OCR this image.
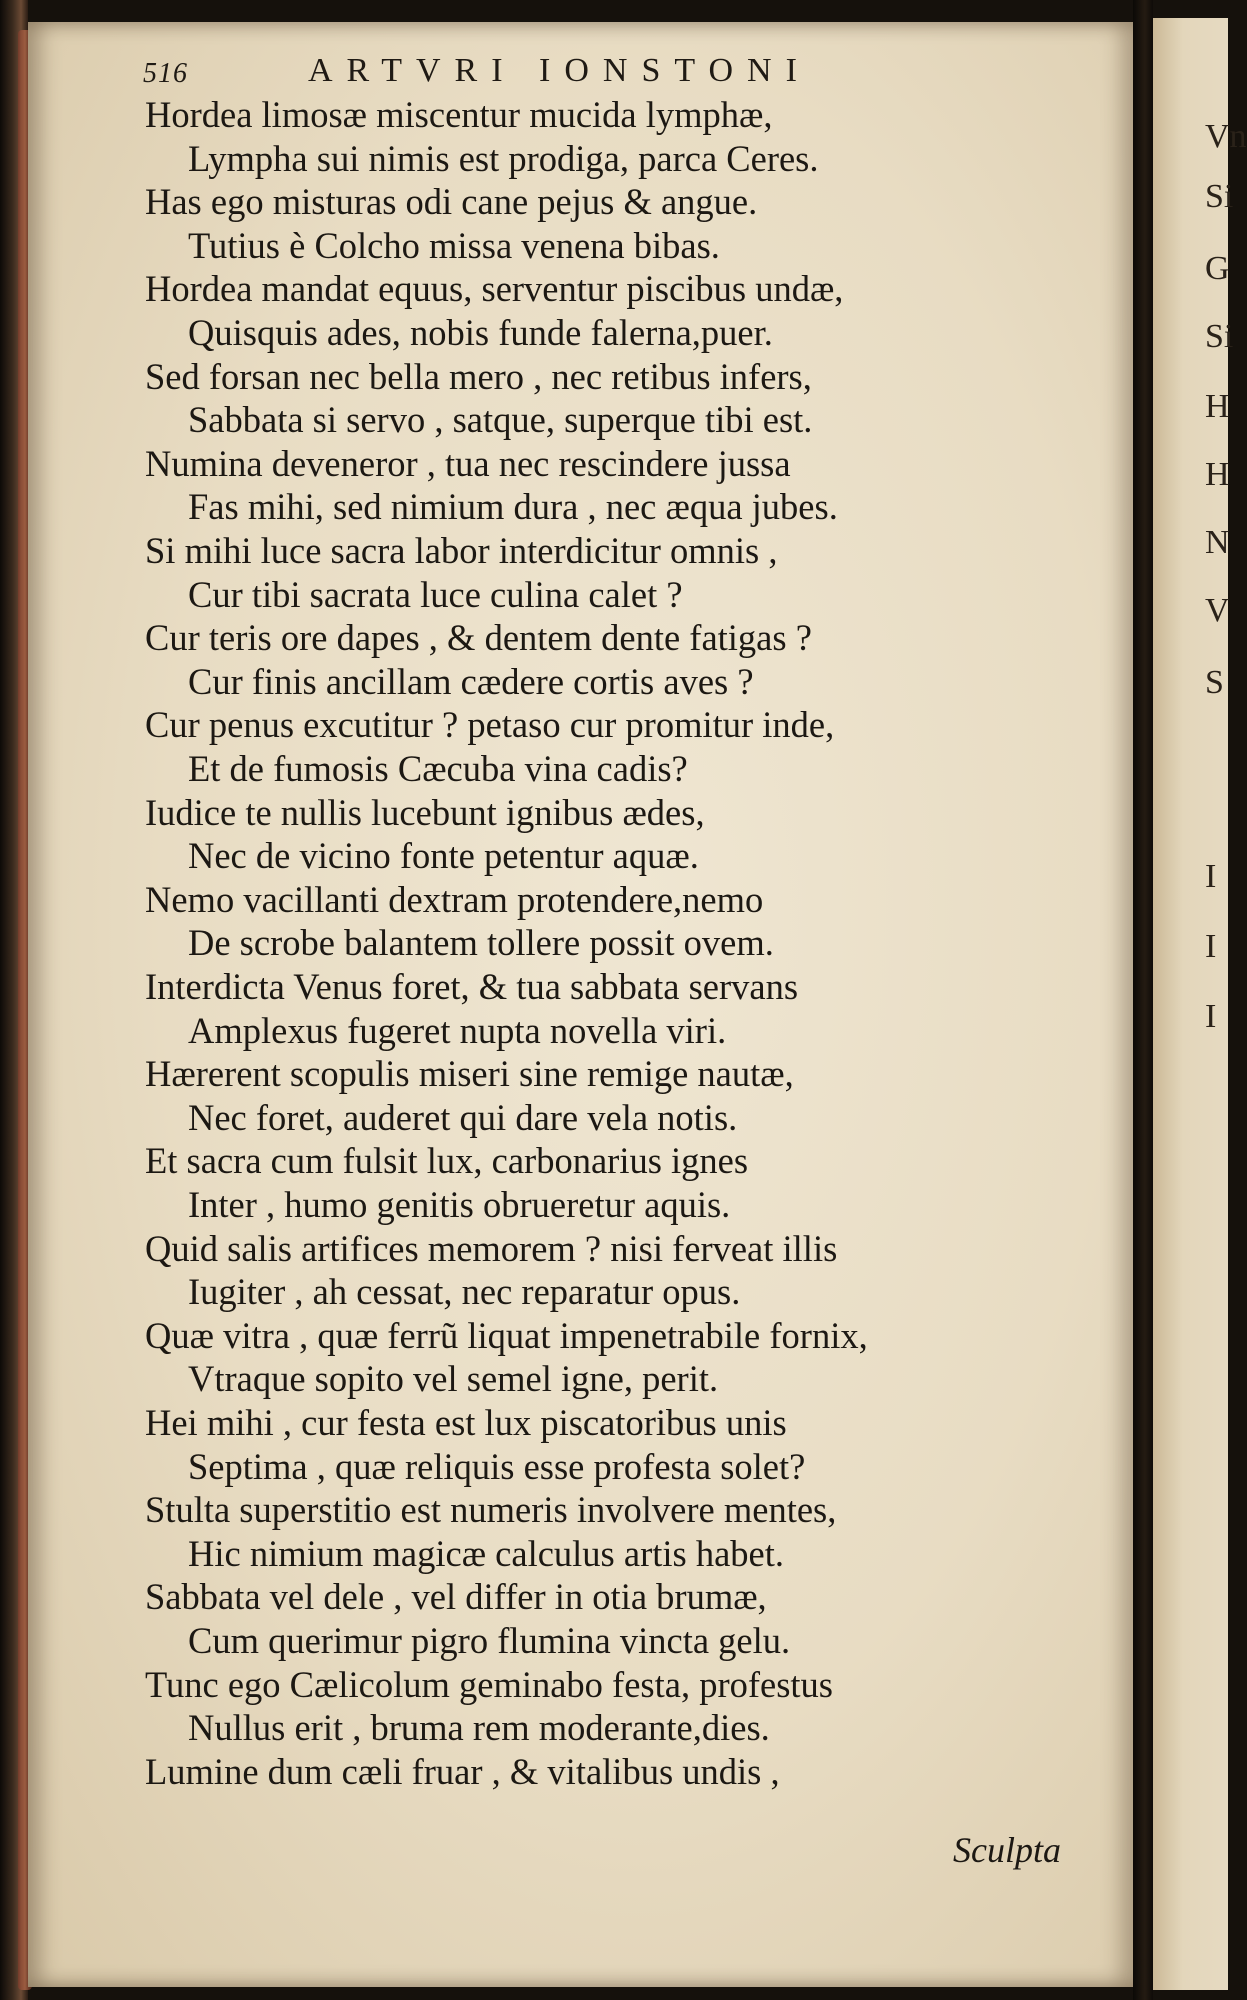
516	ARTVRI IONSTONI
Hordea limosæ miscentur mucida lymphæ,
Lympha sui nimis est prodiga, parca Ceres.
Has ego misturas odi cane pejus & angue.
Tutius è Colcho missa venena bibas.
Hordea mandat equus, serventur piscibus undæ,
Quisquis ades, nobis funde falerna,puer.
Sed forsan nec bella mero , nec retibus infers,
Sabbata si servo , satque, superque tibi est.
Numina deveneror , tua nec rescindere jussa
Fas mihi, sed nimium dura , nec æqua jubes.
Si mihi luce sacra labor interdicitur omnis ,
Cur tibi sacrata luce culina calet ?
Cur teris ore dapes , & dentem dente fatigas ?
Cur finis ancillam cædere cortis aves ?
Cur penus excutitur ? petaso cur promitur inde,
Et de fumosis Cæcuba vina cadis?
Iudice te nullis lucebunt ignibus ædes,
Nec de vicino fonte petentur aquæ.
Nemo vacillanti dextram protendere,nemo
De scrobe balantem tollere possit ovem.
Interdicta Venus foret, & tua sabbata servans
Amplexus fugeret nupta novella viri.
Hærerent scopulis miseri sine remige nautæ,
Nec foret, auderet qui dare vela notis.
Et sacra cum fulsit lux, carbonarius ignes
Inter , humo genitis obrueretur aquis.
Quid salis artifices memorem ? nisi ferveat illis
Iugiter , ah cessat, nec reparatur opus.
Quæ vitra , quæ ferrũ liquat impenetrabile fornix,
Vtraque sopito vel semel igne, perit.
Hei mihi , cur festa est lux piscatoribus unis
Septima , quæ reliquis esse profesta solet?
Stulta superstitio est numeris involvere mentes,
Hic nimium magicæ calculus artis habet.
Sabbata vel dele , vel differ in otia brumæ,
Cum querimur pigro flumina vincta gelu.
Tunc ego Cælicolum geminabo festa, profestus
Nullus erit , bruma rem moderante,dies.
Lumine dum cæli fruar , & vitalibus undis ,
Sculpta
Vn
Si
G
Si
H
H
N
V
S
I
I
I
